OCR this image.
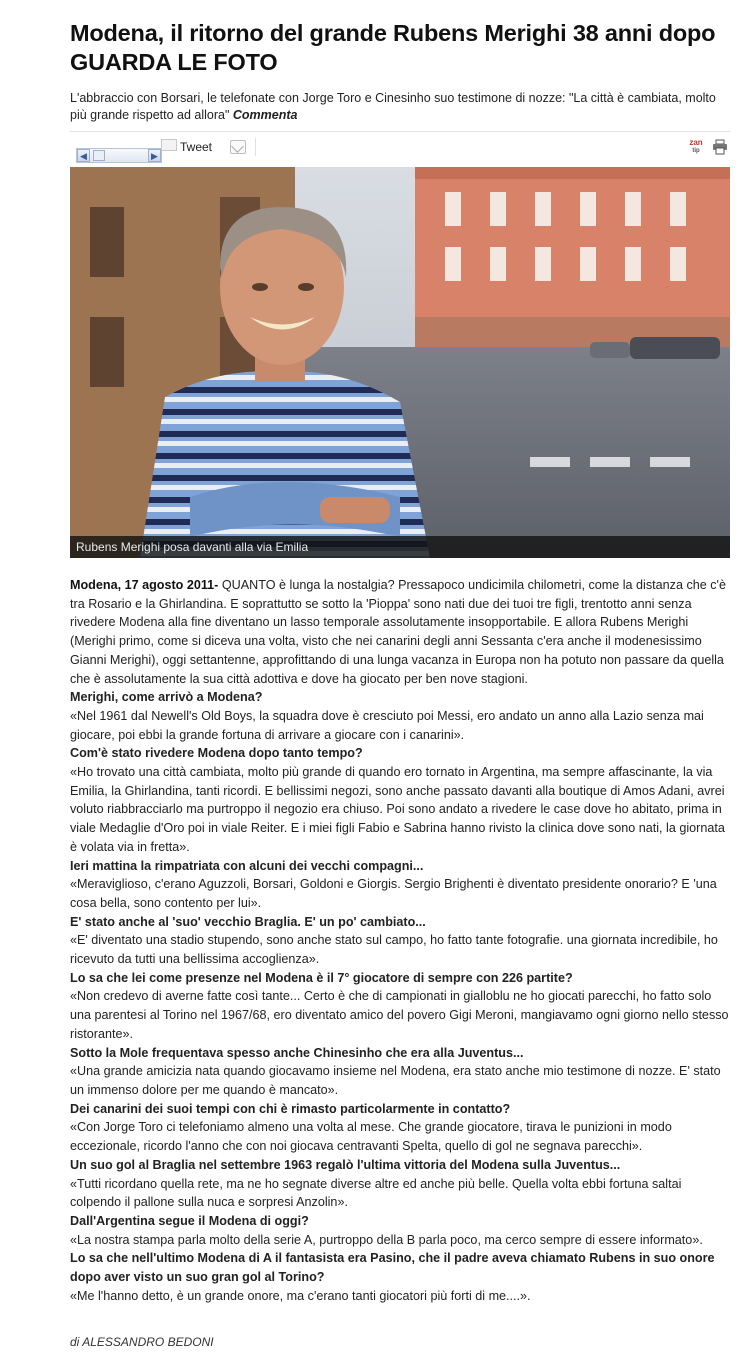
Modena, il ritorno del grande Rubens Merighi 38 anni dopo GUARDA LE FOTO
L'abbraccio con Borsari, le telefonate con Jorge Toro e Cinesinho suo testimone di nozze: "La città è cambiata, molto più grande rispetto ad allora" Commenta
◀	▶
Tweet	zan
tip
Rubens Merighi posa davanti alla via Emilia

Modena, 17 agosto 2011- QUANTO è lunga la nostalgia? Pressapoco undicimila chilometri, come la distanza che c'è tra Rosario e la Ghirlandina. E soprattutto se sotto la 'Pioppa' sono nati due dei tuoi tre figli, trentotto anni senza rivedere Modena alla fine diventano un lasso temporale assolutamente insopportabile. E allora Rubens Merighi (Merighi primo, come si diceva una volta, visto che nei canarini degli anni Sessanta c'era anche il modenesissimo Gianni Merighi), oggi settantenne, approfittando di una lunga vacanza in Europa non ha potuto non passare da quella che è assolutamente la sua città adottiva e dove ha giocato per ben nove stagioni.

Merighi, come arrivò a Modena?

«Nel 1961 dal Newell's Old Boys, la squadra dove è cresciuto poi Messi, ero andato un anno alla Lazio senza mai giocare, poi ebbi la grande fortuna di arrivare a giocare con i canarini».

Com'è stato rivedere Modena dopo tanto tempo?

«Ho trovato una città cambiata, molto più grande di quando ero tornato in Argentina, ma sempre affascinante, la via Emilia, la Ghirlandina, tanti ricordi. E bellissimi negozi, sono anche passato davanti alla boutique di Amos Adani, avrei voluto riabbracciarlo ma purtroppo il negozio era chiuso. Poi sono andato a rivedere le case dove ho abitato, prima in viale Medaglie d'Oro poi in viale Reiter. E i miei figli Fabio e Sabrina hanno rivisto la clinica dove sono nati, la giornata è volata via in fretta».

Ieri mattina la rimpatriata con alcuni dei vecchi compagni...

«Meraviglioso, c'erano Aguzzoli, Borsari, Goldoni e Giorgis. Sergio Brighenti è diventato presidente onorario? E 'una cosa bella, sono contento per lui».

E' stato anche al 'suo' vecchio Braglia. E' un po' cambiato...

«E' diventato una stadio stupendo, sono anche stato sul campo, ho fatto tante fotografie. una giornata incredibile, ho ricevuto da tutti una bellissima accoglienza».

Lo sa che lei come presenze nel Modena è il 7° giocatore di sempre con 226 partite?

«Non credevo di averne fatte così tante... Certo è che di campionati in gialloblu ne ho giocati parecchi, ho fatto solo una parentesi al Torino nel 1967/68, ero diventato amico del povero Gigi Meroni, mangiavamo ogni giorno nello stesso ristorante».

Sotto la Mole frequentava spesso anche Chinesinho che era alla Juventus...

«Una grande amicizia nata quando giocavamo insieme nel Modena, era stato anche mio testimone di nozze. E' stato un immenso dolore per me quando è mancato».

Dei canarini dei suoi tempi con chi è rimasto particolarmente in contatto?

«Con Jorge Toro ci telefoniamo almeno una volta al mese. Che grande giocatore, tirava le punizioni in modo eccezionale, ricordo l'anno che con noi giocava centravanti Spelta, quello di gol ne segnava parecchi».

Un suo gol al Braglia nel settembre 1963 regalò l'ultima vittoria del Modena sulla Juventus...

«Tutti ricordano quella rete, ma ne ho segnate diverse altre ed anche più belle. Quella volta ebbi fortuna saltai colpendo il pallone sulla nuca e sorpresi Anzolin».

Dall'Argentina segue il Modena di oggi?

«La nostra stampa parla molto della serie A, purtroppo della B parla poco, ma cerco sempre di essere informato».

Lo sa che nell'ultimo Modena di A il fantasista era Pasino, che il padre aveva chiamato Rubens in suo onore dopo aver visto un suo gran gol al Torino?

«Me l'hanno detto, è un grande onore, ma c'erano tanti giocatori più forti di me....».

di ALESSANDRO BEDONI
